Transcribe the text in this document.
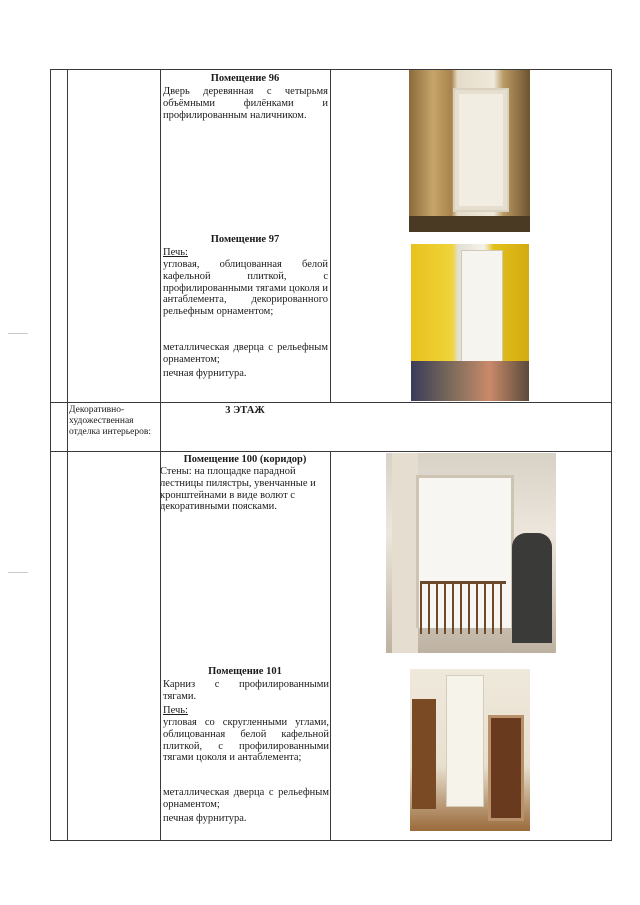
Помещение 96
Дверь деревянная с четырьмя объёмными филёнками и профилированным наличником.
Помещение 97
Печь:
угловая, облицованная белой кафельной плиткой, с профилированными тягами цоколя и антаблемента, декорированного рельефным орнаментом;
металлическая дверца с рельефным орнаментом;
печная фурнитура.
Декоративно-художественная отделка интерьеров:
3 ЭТАЖ
Помещение 100 (коридор)
Стены: на площадке парадной лестницы пилястры, увенчанные и кронштейнами в виде волют с декоративными поясками.
Помещение 101
Карниз с профилированными тягами.
Печь:
угловая со скругленными углами, облицованная белой кафельной плиткой, с профилированными тягами цоколя и антаблемента;
металлическая дверца с рельефным орнаментом;
печная фурнитура.
